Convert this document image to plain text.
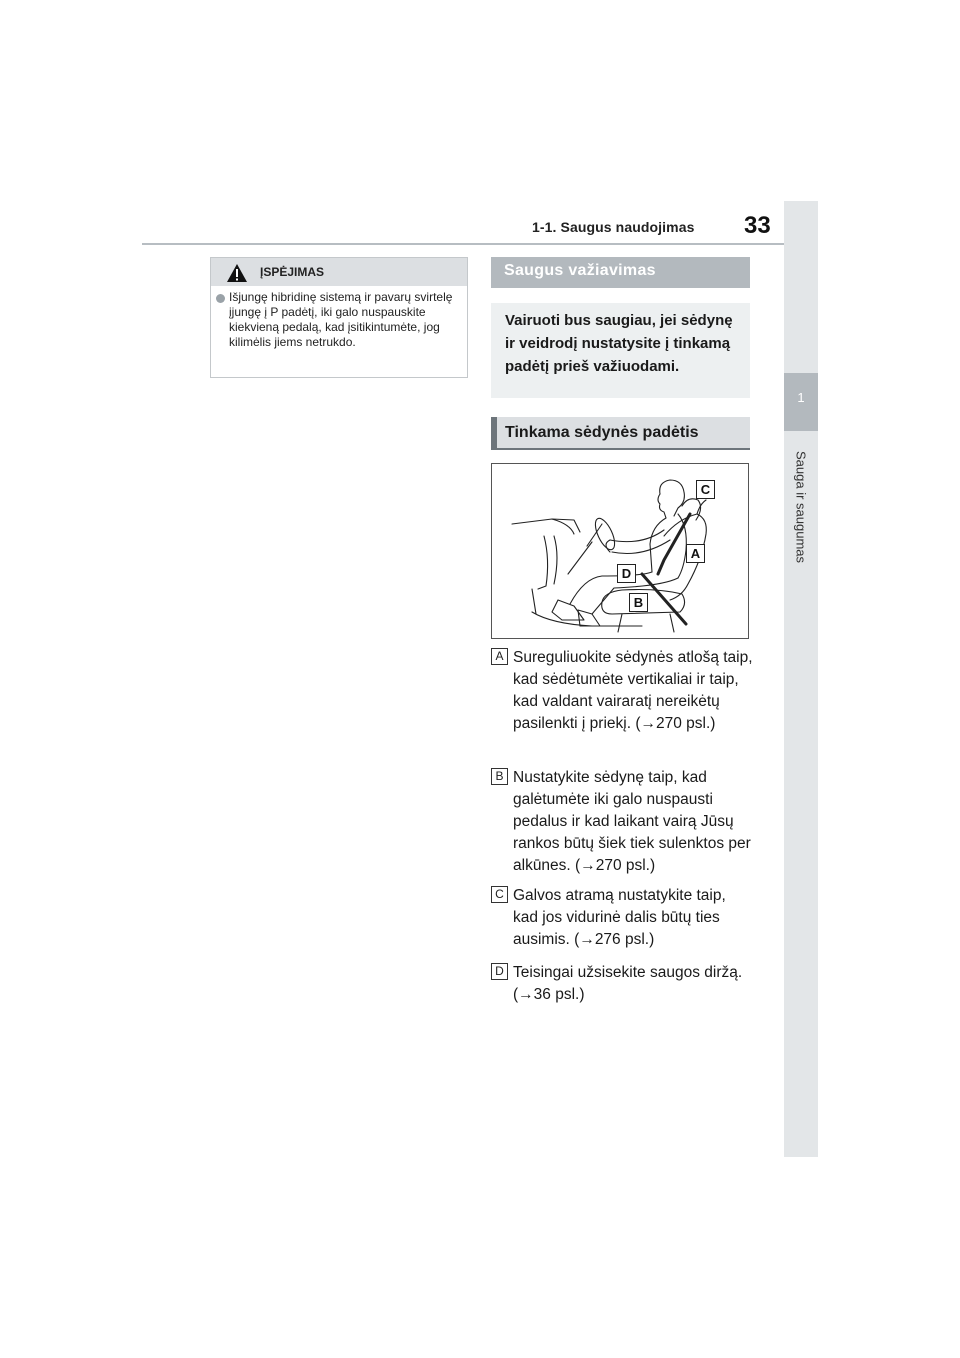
1-1. Saugus naudojimas 33
1
Sauga ir saugumas
ĮSPĖJIMAS
Išjungę hibridinę sistemą ir pavarų svirtelę įjungę į P padėtį, iki galo nuspauskite kiekvieną pedalą, kad įsitikintumėte, jog kilimėlis jiems netrukdo.
Saugus važiavimas
Vairuoti bus saugiau, jei sėdynę ir veidrodį nustatysite į tinkamą padėtį prieš važiuodami.
Tinkama sėdynės padėtis
C
A
D
B
A Sureguliuokite sėdynės atlošą taip, kad sėdėtumėte vertikaliai ir taip, kad valdant vairaratį nereikėtų pasilenkti į priekį. (→270 psl.)
B Nustatykite sėdynę taip, kad galėtumėte iki galo nuspausti pedalus ir kad laikant vairą Jūsų rankos būtų šiek tiek sulenktos per alkūnes. (→270 psl.)
C Galvos atramą nustatykite taip, kad jos vidurinė dalis būtų ties ausimis. (→276 psl.)
D Teisingai užsisekite saugos diržą. (→36 psl.)
